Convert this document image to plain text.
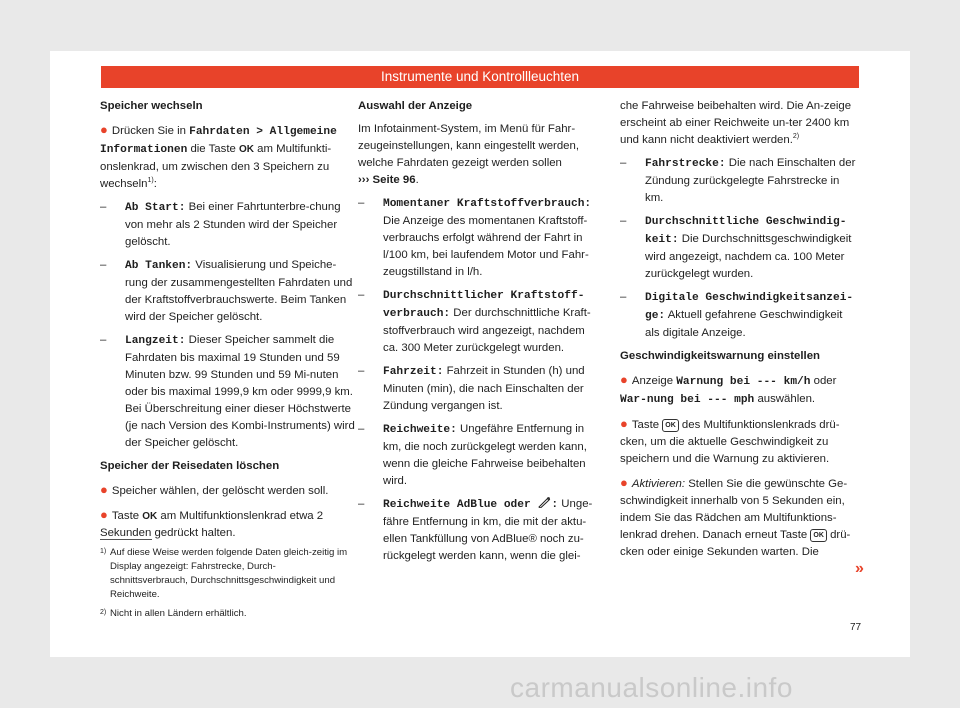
Instrumente und Kontrollleuchten
Speicher wechseln
● Drücken Sie in Fahrdaten > Allgemeine Informationen die Taste OK am Multifunkti-onslenkrad, um zwischen den 3 Speichern zu wechseln$^{1)}$:
– Ab Start: Bei einer Fahrtunterbre-chung von mehr als 2 Stunden wird der Speicher gelöscht.
– Ab Tanken: Visualisierung und Speiche-rung der zusammengestellten Fahrdaten und der Kraftstoffverbrauchswerte. Beim Tanken wird der Speicher gelöscht.
– Langzeit: Dieser Speicher sammelt die Fahrdaten bis maximal 19 Stunden und 59 Minuten bzw. 99 Stunden und 59 Mi-nuten oder bis maximal 1999,9 km oder 9999,9 km. Bei Überschreitung einer dieser Höchstwerte (je nach Version des Kombi-Instruments) wird der Speicher gelöscht.
Speicher der Reisedaten löschen
● Speicher wählen, der gelöscht werden soll.
● Taste OK am Multifunktionslenkrad etwa 2 Sekunden gedrückt halten.
Auswahl der Anzeige
Im Infotainment-System, im Menü für Fahr-zeugeinstellungen, kann eingestellt werden, welche Fahrdaten gezeigt werden sollen
››› Seite 96.
– Momentaner Kraftstoffverbrauch: Die Anzeige des momentanen Kraftstoff-verbrauchs erfolgt während der Fahrt in l/100 km, bei laufendem Motor und Fahr-zeugstillstand in l/h.
– Durchschnittlicher Kraftstoff-verbrauch: Der durchschnittliche Kraft-stoffverbrauch wird angezeigt, nachdem ca. 300 Meter zurückgelegt wurden.
– Fahrzeit: Fahrzeit in Stunden (h) und Minuten (min), die nach Einschalten der Zündung vergangen ist.
– Reichweite: Ungefähre Entfernung in km, die noch zurückgelegt werden kann, wenn die gleiche Fahrweise beibehalten wird.
– Reichweite AdBlue oder : Unge-fähre Entfernung in km, die mit der aktu-ellen Tankfüllung von AdBlue® noch zu-rückgelegt werden kann, wenn die glei-
che Fahrweise beibehalten wird. Die An-zeige erscheint ab einer Reichweite un-ter 2400 km und kann nicht deaktiviert werden.$^{2)}$
– Fahrstrecke: Die nach Einschalten der Zündung zurückgelegte Fahrstrecke in km.
– Durchschnittliche Geschwindig-keit: Die Durchschnittsgeschwindigkeit wird angezeigt, nachdem ca. 100 Meter zurückgelegt wurden.
– Digitale Geschwindigkeitsanzei-ge: Aktuell gefahrene Geschwindigkeit als digitale Anzeige.
Geschwindigkeitswarnung einstellen
● Anzeige Warnung bei --- km/h oder War-nung bei --- mph auswählen.
● Taste OK des Multifunktionslenkrads drü-cken, um die aktuelle Geschwindigkeit zu speichern und die Warnung zu aktivieren.
● Aktivieren: Stellen Sie die gewünschte Ge-schwindigkeit innerhalb von 5 Sekunden ein, indem Sie das Rädchen am Multifunktions-lenkrad drehen. Danach erneut Taste OK drü-cken oder einige Sekunden warten. Die
»
1) Auf diese Weise werden folgende Daten gleich-zeitig im Display angezeigt: Fahrstrecke, Durch-schnittsverbrauch, Durchschnittsgeschwindigkeit und Reichweite.
2) Nicht in allen Ländern erhältlich.
77
carmanualsonline.info
